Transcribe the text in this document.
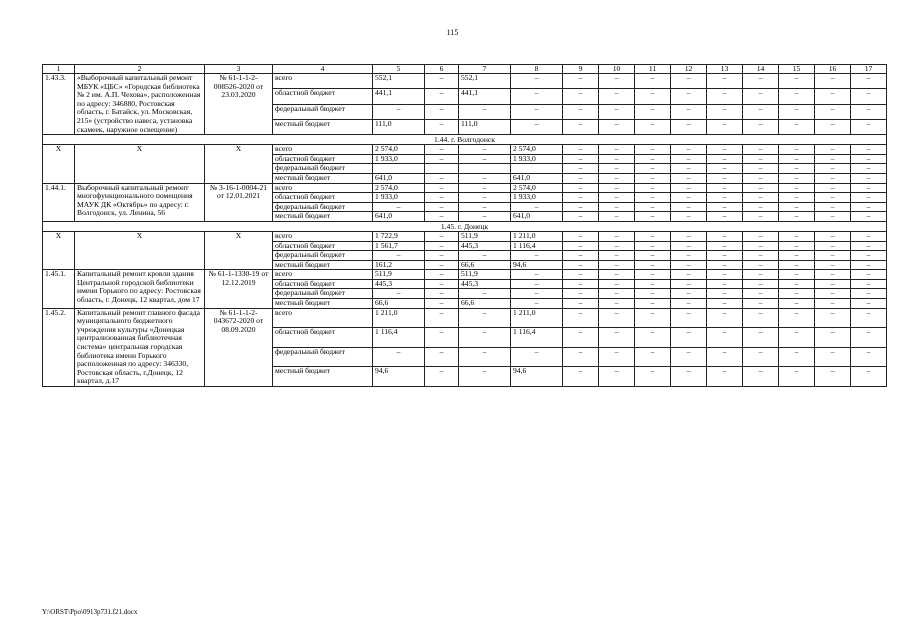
115
1	2	3	4	5	6	7	8	9	10	11	12	13	14	15	16	17
1.43.3.	«Выборочный капитальный ремонт МБУК «ЦБС» «Городская библиотека № 2 им. А.П. Чехова», расположенная по адресу: 346880, Ростовская область, г. Батайск, ул. Московская, 215» (устройство навеса, установка скамеек, наружное освещение)	№ 61-1-1-2-008526-2020 от 23.03.2020	всего	552,1	–	552,1	–	–	–	–	–	–	–	–	–	–
			областной бюджет	441,1	–	441,1	–	–	–	–	–	–	–	–	–	–
			федеральный бюджет	–	–	–	–	–	–	–	–	–	–	–	–	–
			местный бюджет	111,0	–	111,0	–	–	–	–	–	–	–	–	–	–
1.44. г. Волгодонск																
Х	Х	Х	всего	2 574,0	–	–	2 574,0	–	–	–	–	–	–	–	–	–
			областной бюджет	1 933,0	–	–	1 933,0	–	–	–	–	–	–	–	–	–
			федеральный бюджет					–	–	–	–	–	–	–	–	–
			местный бюджет	641,0	–	–	641,0	–	–	–	–	–	–	–	–	–
1.44.1.	Выборочный капитальный ремонт многофункционального помещения МАУК ДК «Октябрь» по адресу: г. Волгодонск, ул. Ленина, 56	№ 3-16-1-0004-21 от 12.01.2021	всего	2 574,0	–	–	2 574,0	–	–	–	–	–	–	–	–	–
			областной бюджет	1 933,0	–	–	1 933,0	–	–	–	–	–	–	–	–	–
			федеральный бюджет	–	–	–	–	–	–	–	–	–	–	–	–	–
			местный бюджет	641,0	–	–	641,0	–	–	–	–	–	–	–	–	–
1.45. г. Донецк																
Х	Х	Х	всего	1 722,9	–	511,9	1 211,0	–	–	–	–	–	–	–	–	–
			областной бюджет	1 561,7	–	445,3	1 116,4	–	–	–	–	–	–	–	–	–
			федеральный бюджет	–	–	–	–	–	–	–	–	–	–	–	–	–
			местный бюджет	161,2	–	66,6	94,6	–	–	–	–	–	–	–	–	–
1.45.1.	Капитальный ремонт кровли здания Центральной городской библиотеки имени Горького по адресу: Ростовская область, г. Донецк, 12 квартал, дом 17	№ 61-1-1330-19 от 12.12.2019	всего	511,9	–	511,9	–	–	–	–	–	–	–	–	–	–
			областной бюджет	445,3	–	445,3	–	–	–	–	–	–	–	–	–	–
			федеральный бюджет	–	–	–	–	–	–	–	–	–	–	–	–	–
			местный бюджет	66,6	–	66,6	–	–	–	–	–	–	–	–	–	–
1.45.2.	Капитальный ремонт главного фасада муниципального бюджетного учреждения культуры «Донецкая централизованная библиотечная система» центральная городская библиотека имени Горького расположенная по адресу: 346330, Ростовская область, г.Донецк, 12 квартал, д.17	№ 61-1-1-2-043672-2020 от 08.09.2020	всего	1 211,0	–	–	1 211,0	–	–	–	–	–	–	–	–	–
			областной бюджет	1 116,4	–	–	1 116,4	–	–	–	–	–	–	–	–	–
			федеральный бюджет	–	–	–	–	–	–	–	–	–	–	–	–	–
			местный бюджет	94,6	–	–	94,6	–	–	–	–	–	–	–	–	–
Y:\ORST\Ppo\0913p731.f21.docx
